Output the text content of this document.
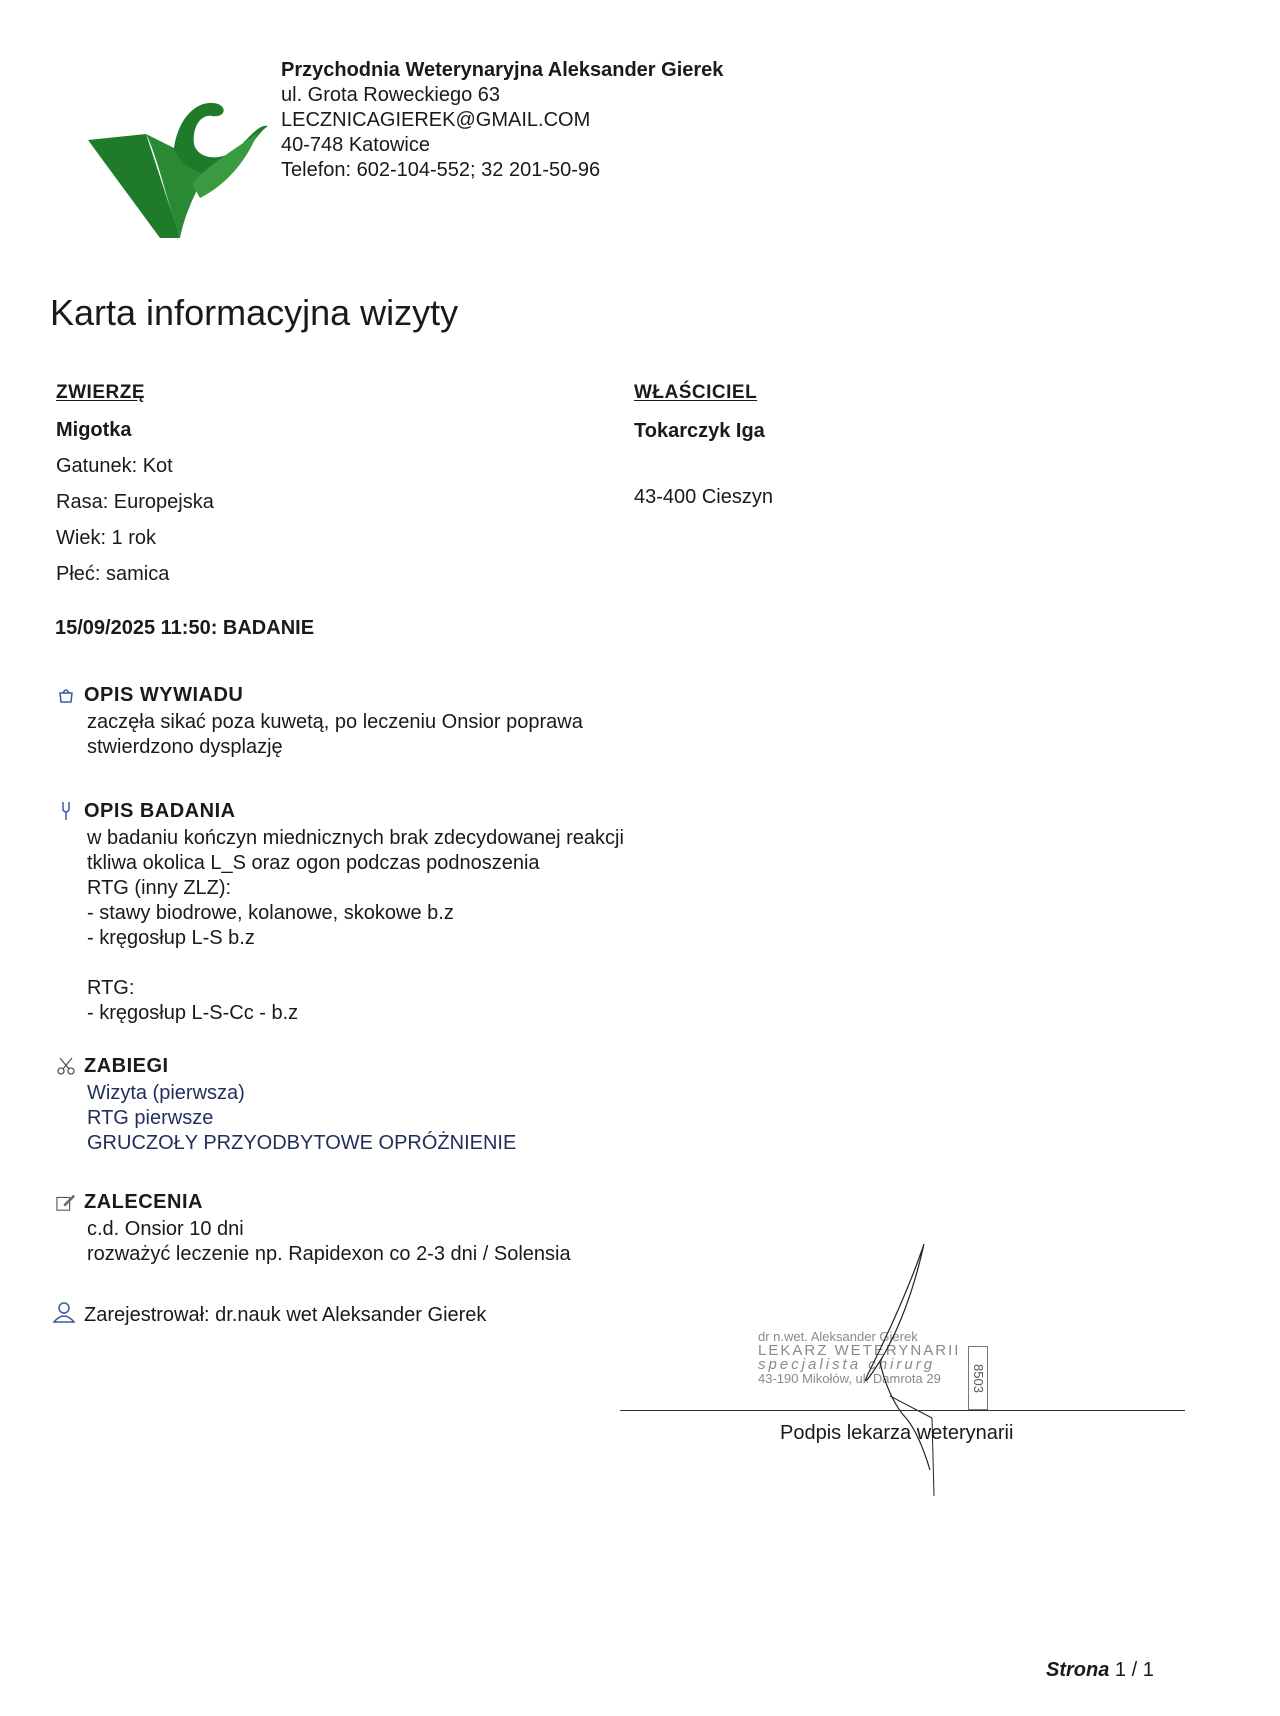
Przychodnia Weterynaryjna Aleksander Gierek
ul. Grota Roweckiego 63
LECZNICAGIEREK@GMAIL.COM
40-748 Katowice
Telefon: 602-104-552; 32 201-50-96
Karta informacyjna wizyty
ZWIERZĘ
Migotka
Gatunek: Kot
Rasa: Europejska
Wiek: 1 rok
Płeć: samica
WŁAŚCICIEL
Tokarczyk Iga
43-400 Cieszyn
15/09/2025 11:50: BADANIE
OPIS WYWIADU
zaczęła sikać poza kuwetą, po leczeniu Onsior poprawa
stwierdzono dysplazję
OPIS BADANIA
w badaniu kończyn miednicznych brak zdecydowanej reakcji
tkliwa okolica L_S oraz ogon podczas podnoszenia
RTG (inny ZLZ):
- stawy biodrowe, kolanowe, skokowe b.z
- kręgosłup L-S b.z
RTG:
- kręgosłup L-S-Cc - b.z
ZABIEGI
Wizyta (pierwsza)
RTG pierwsze
GRUCZOŁY PRZYODBYTOWE OPRÓŻNIENIE
ZALECENIA
c.d. Onsior 10 dni
rozważyć leczenie np. Rapidexon co 2-3 dni / Solensia
Zarejestrował: dr.nauk wet Aleksander Gierek
dr n.wet. Aleksander Gierek
LEKARZ WETERYNARII
specjalista chirurg
43-190 Mikołów, ul. Damrota 29	8503
Podpis lekarza weterynarii
Strona 1 / 1
